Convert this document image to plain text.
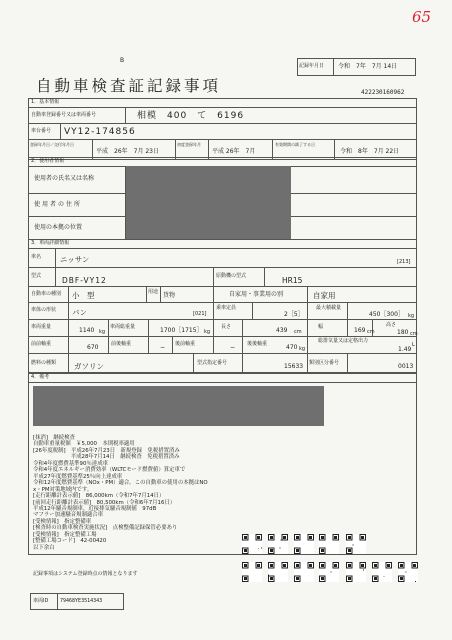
65
B
記録年月日 令和　7年　7月 14日
自動車検査証記録事項	422230160962
1．基本情報
自動車登録番号又は車両番号	相模　400　て　6196
車台番号 VY12-174856
登録年月日／交付年月日
平成　26年　7月 23日
初度登録年月
平成 26年　7月
有効期間の満了する日
令和　8年　7月 22日
2．使用者情報
使用者の氏名又は名称
使用者の住所
使用の本拠の位置
3．車両詳細情報
車名	ニッサン	[213]
型式	DBF-VY12	原動機の型式	HR15
自動車の種別 小　型	用途 貨物	自家用・事業用の別	自家用
車体の形状 バン	[021]
乗車定員
2［5］
最大積載量
450［300］ kg
車両重量	1140 kg
車両総重量	1700［1715］ kg
長さ	439 cm
幅	169 cm
高さ
180 cm
前前軸重	670	前後軸重	− 後前軸重	− 後後軸重	470 kg
総排気量又は定格出力
1.49
L
燃料の種類 ガソリン	型式指定番号	15633 類別区分番号	0013
4．備考
[抹消]　継続検査
自動車重量税額　￥5,000　本則税率適用
[26年度税制]　平成26年7月23日　新規登録　免税措置済み
　　　　　　　平成28年7月14日　継続検査　免税措置済み
令和4年度燃費基準90％達成車
令和4年度エネルギー消費効率（WLTCモード燃費値）算定車で
平成27年度燃費基準25％向上達成車
令和12年度燃費基準（NOx・PM）適合。この自動車の使用の本拠はNO
x・PM対策地域内です。
[走行距離計表示値]　86,000km（令和7年7月14日）
[前回走行距離計表示値]　80,500km（令和6年7月16日）
平成12年騒音規制車，近接排気騒音規制値　97dB
マフラー加速騒音規制適合車
[受検情報]　指定整備車
[検査時の自動車検査実施状況]　点検整備記録保管必要あり
[受検情報]　指定整備工場
[整備工場コード]　42-00420
以下余白
記録事項はシステム登録時点の情報となります
車両ID 79468YE3514343
